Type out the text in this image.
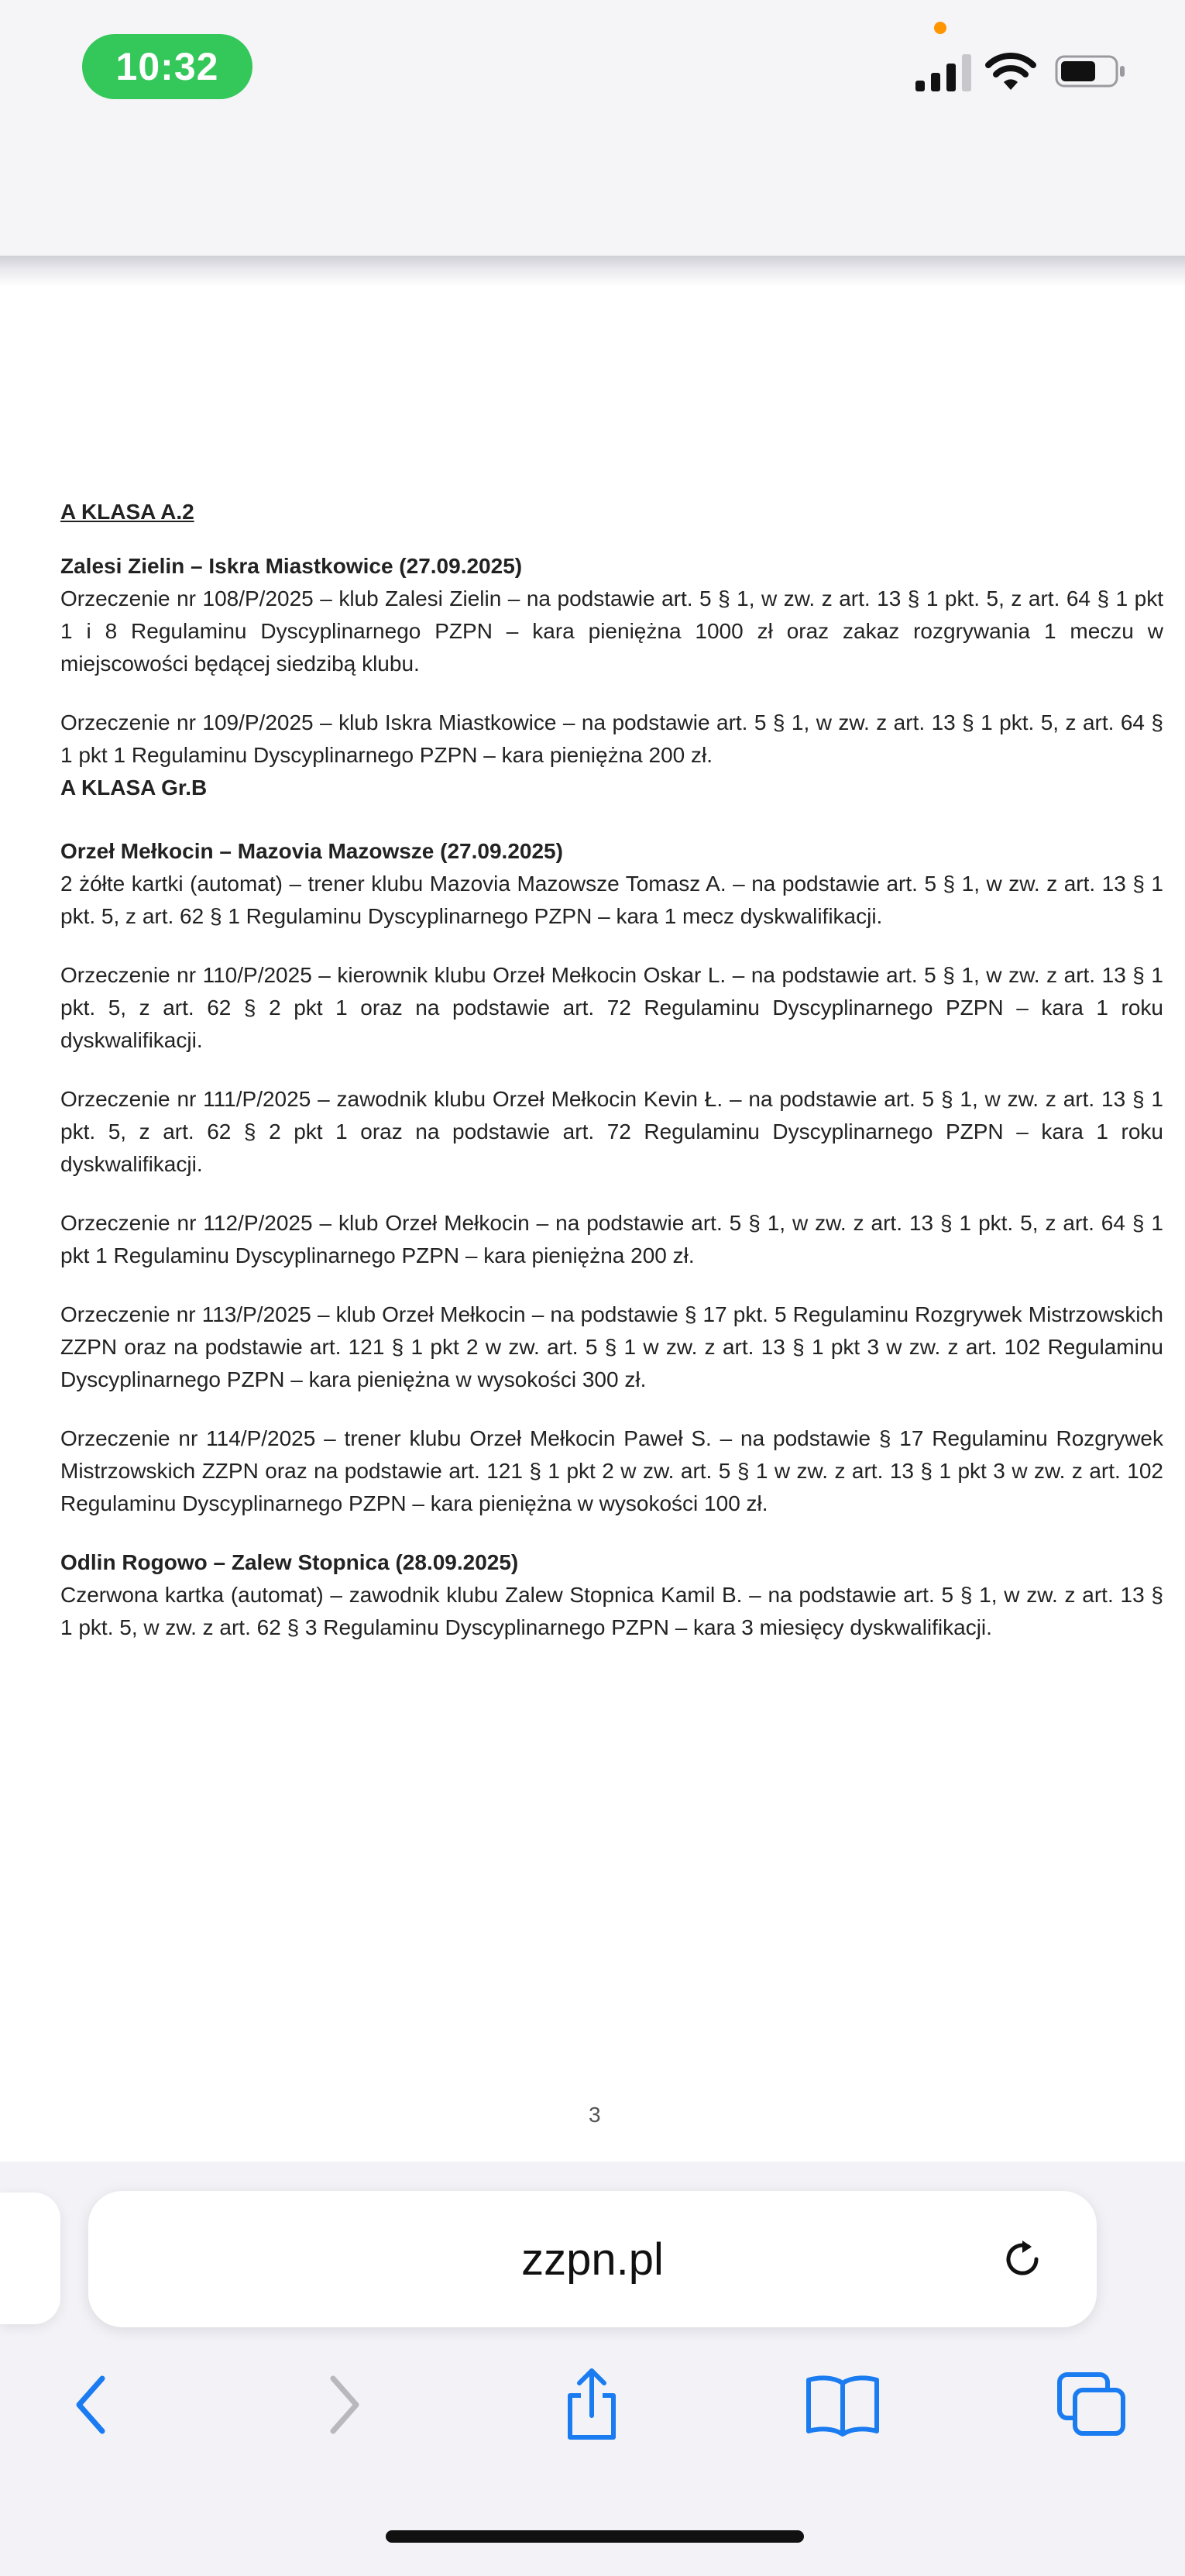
10:32
A KLASA A.2
Zalesi Zielin – Iskra Miastkowice (27.09.2025)

Orzeczenie nr 108/P/2025 – klub Zalesi Zielin – na podstawie art. 5 § 1, w zw. z art. 13 § 1 pkt. 5, z art. 64 § 1 pkt 1 i 8 Regulaminu Dyscyplinarnego PZPN – kara pieniężna 1000 zł oraz zakaz rozgrywania 1 meczu w miejscowości będącej siedzibą klubu.

Orzeczenie nr 109/P/2025 – klub Iskra Miastkowice – na podstawie art. 5 § 1, w zw. z art. 13 § 1 pkt. 5, z art. 64 § 1 pkt 1 Regulaminu Dyscyplinarnego PZPN – kara pieniężna 200 zł.

A KLASA Gr.B
Orzeł Mełkocin – Mazovia Mazowsze (27.09.2025)

2 żółte kartki (automat) – trener klubu Mazovia Mazowsze Tomasz A. – na podstawie art. 5 § 1, w zw. z art. 13 § 1 pkt. 5, z art. 62 § 1 Regulaminu Dyscyplinarnego PZPN – kara 1 mecz dyskwalifikacji.

Orzeczenie nr 110/P/2025 – kierownik klubu Orzeł Mełkocin Oskar L. – na podstawie art. 5 § 1, w zw. z art. 13 § 1 pkt. 5, z art. 62 § 2 pkt 1 oraz na podstawie art. 72 Regulaminu Dyscyplinarnego PZPN – kara 1 roku dyskwalifikacji.

Orzeczenie nr 111/P/2025 – zawodnik klubu Orzeł Mełkocin Kevin Ł. – na podstawie art. 5 § 1, w zw. z art. 13 § 1 pkt. 5, z art. 62 § 2 pkt 1 oraz na podstawie art. 72 Regulaminu Dyscyplinarnego PZPN – kara 1 roku dyskwalifikacji.

Orzeczenie nr 112/P/2025 – klub Orzeł Mełkocin – na podstawie art. 5 § 1, w zw. z art. 13 § 1 pkt. 5, z art. 64 § 1 pkt 1 Regulaminu Dyscyplinarnego PZPN – kara pieniężna 200 zł.

Orzeczenie nr 113/P/2025 – klub Orzeł Mełkocin – na podstawie § 17 pkt. 5 Regulaminu Rozgrywek Mistrzowskich ZZPN oraz na podstawie art. 121 § 1 pkt 2 w zw. art. 5 § 1 w zw. z art. 13 § 1 pkt 3 w zw. z art. 102 Regulaminu Dyscyplinarnego PZPN – kara pieniężna w wysokości 300 zł.

Orzeczenie nr 114/P/2025 – trener klubu Orzeł Mełkocin Paweł S. – na podstawie § 17 Regulaminu Rozgrywek Mistrzowskich ZZPN oraz na podstawie art. 121 § 1 pkt 2 w zw. art. 5 § 1 w zw. z art. 13 § 1 pkt 3 w zw. z art. 102 Regulaminu Dyscyplinarnego PZPN – kara pieniężna w wysokości 100 zł.

Odlin Rogowo – Zalew Stopnica (28.09.2025)

Czerwona kartka (automat) – zawodnik klubu Zalew Stopnica Kamil B. – na podstawie art. 5 § 1, w zw. z art. 13 § 1 pkt. 5, w zw. z art. 62 § 3 Regulaminu Dyscyplinarnego PZPN – kara 3 miesięcy dyskwalifikacji.

3
zzpn.pl
